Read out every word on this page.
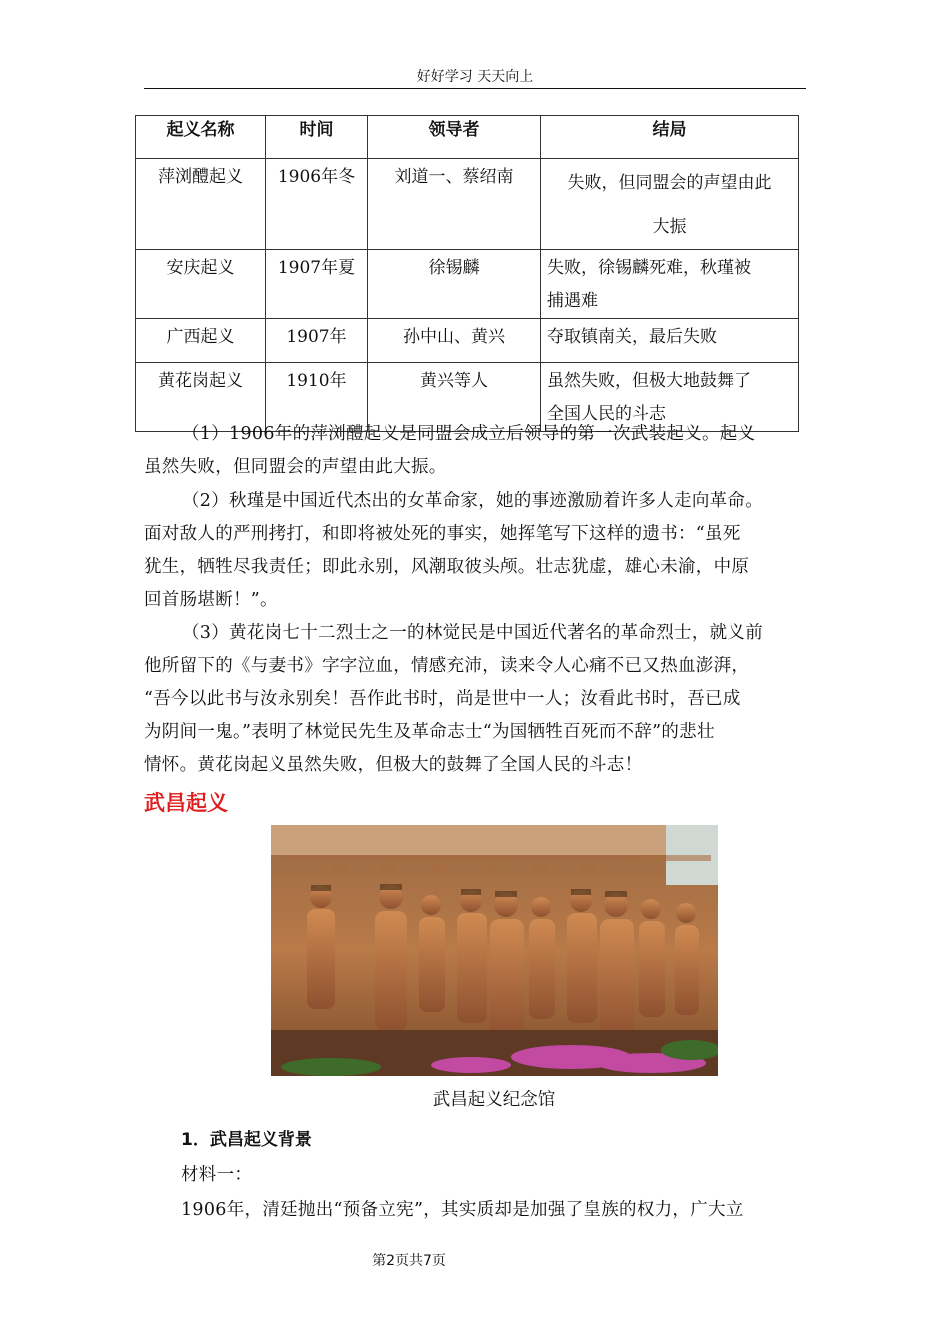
好好学习 天天向上
起义名称	时间	领导者	结局
萍浏醴起义	1906年冬	刘道一、蔡绍南	失败，但同盟会的声望由此
大振

安庆起义	1907年夏	徐锡麟	失败，徐锡麟死难，秋瑾被
捕遇难

广西起义	1907年	孙中山、黄兴	夺取镇南关，最后失败

黄花岗起义	1910年	黄兴等人	虽然失败，但极大地鼓舞了
全国人民的斗志

（1）1906年的萍浏醴起义是同盟会成立后领导的第一次武装起义。起义

虽然失败，但同盟会的声望由此大振。

（2）秋瑾是中国近代杰出的女革命家，她的事迹激励着许多人走向革命。

面对敌人的严刑拷打，和即将被处死的事实，她挥笔写下这样的遗书：“虽死

犹生，牺牲尽我责任；即此永别，风潮取彼头颅。壮志犹虚，雄心未渝，中原

回首肠堪断！”。

（3）黄花岗七十二烈士之一的林觉民是中国近代著名的革命烈士，就义前

他所留下的《与妻书》字字泣血，情感充沛，读来令人心痛不已又热血澎湃，

“吾今以此书与汝永别矣！吾作此书时，尚是世中一人；汝看此书时，吾已成

为阴间一鬼。”表明了林觉民先生及革命志士“为国牺牲百死而不辞”的悲壮

情怀。黄花岗起义虽然失败，但极大的鼓舞了全国人民的斗志！

武昌起义
武昌起义纪念馆
1．武昌起义背景

材料一：

1906年，清廷抛出“预备立宪”，其实质却是加强了皇族的权力，广大立

第2页共7页
